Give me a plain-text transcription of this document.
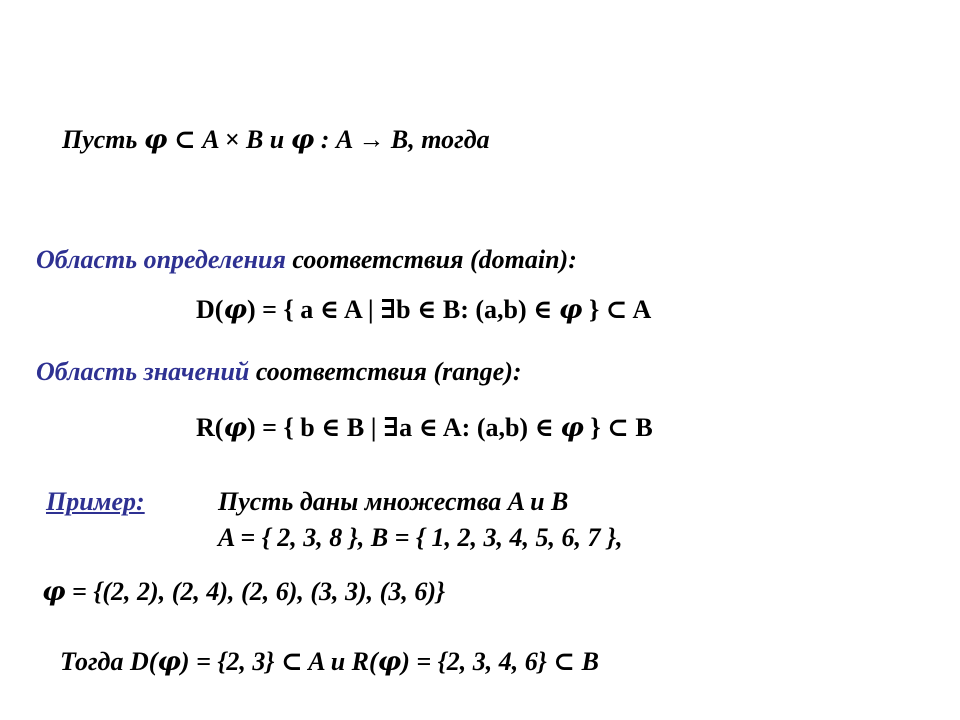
Пусть φ ⊂ A × B и φ : A → B, тогда
Область определения соответствия (domain):
D(φ) = { a ∈ A | ∃b ∈ B: (a,b) ∈ φ } ⊂ A
Область значений соответствия (range):
R(φ) = { b ∈ B | ∃a ∈ A: (a,b) ∈ φ } ⊂ B
Пример:	Пусть даны множества A и B
A = { 2, 3, 8 }, B = { 1, 2, 3, 4, 5, 6, 7 },
φ = {(2, 2), (2, 4), (2, 6), (3, 3), (3, 6)}
Тогда D(φ) = {2, 3} ⊂ A и R(φ) = {2, 3, 4, 6} ⊂ B
